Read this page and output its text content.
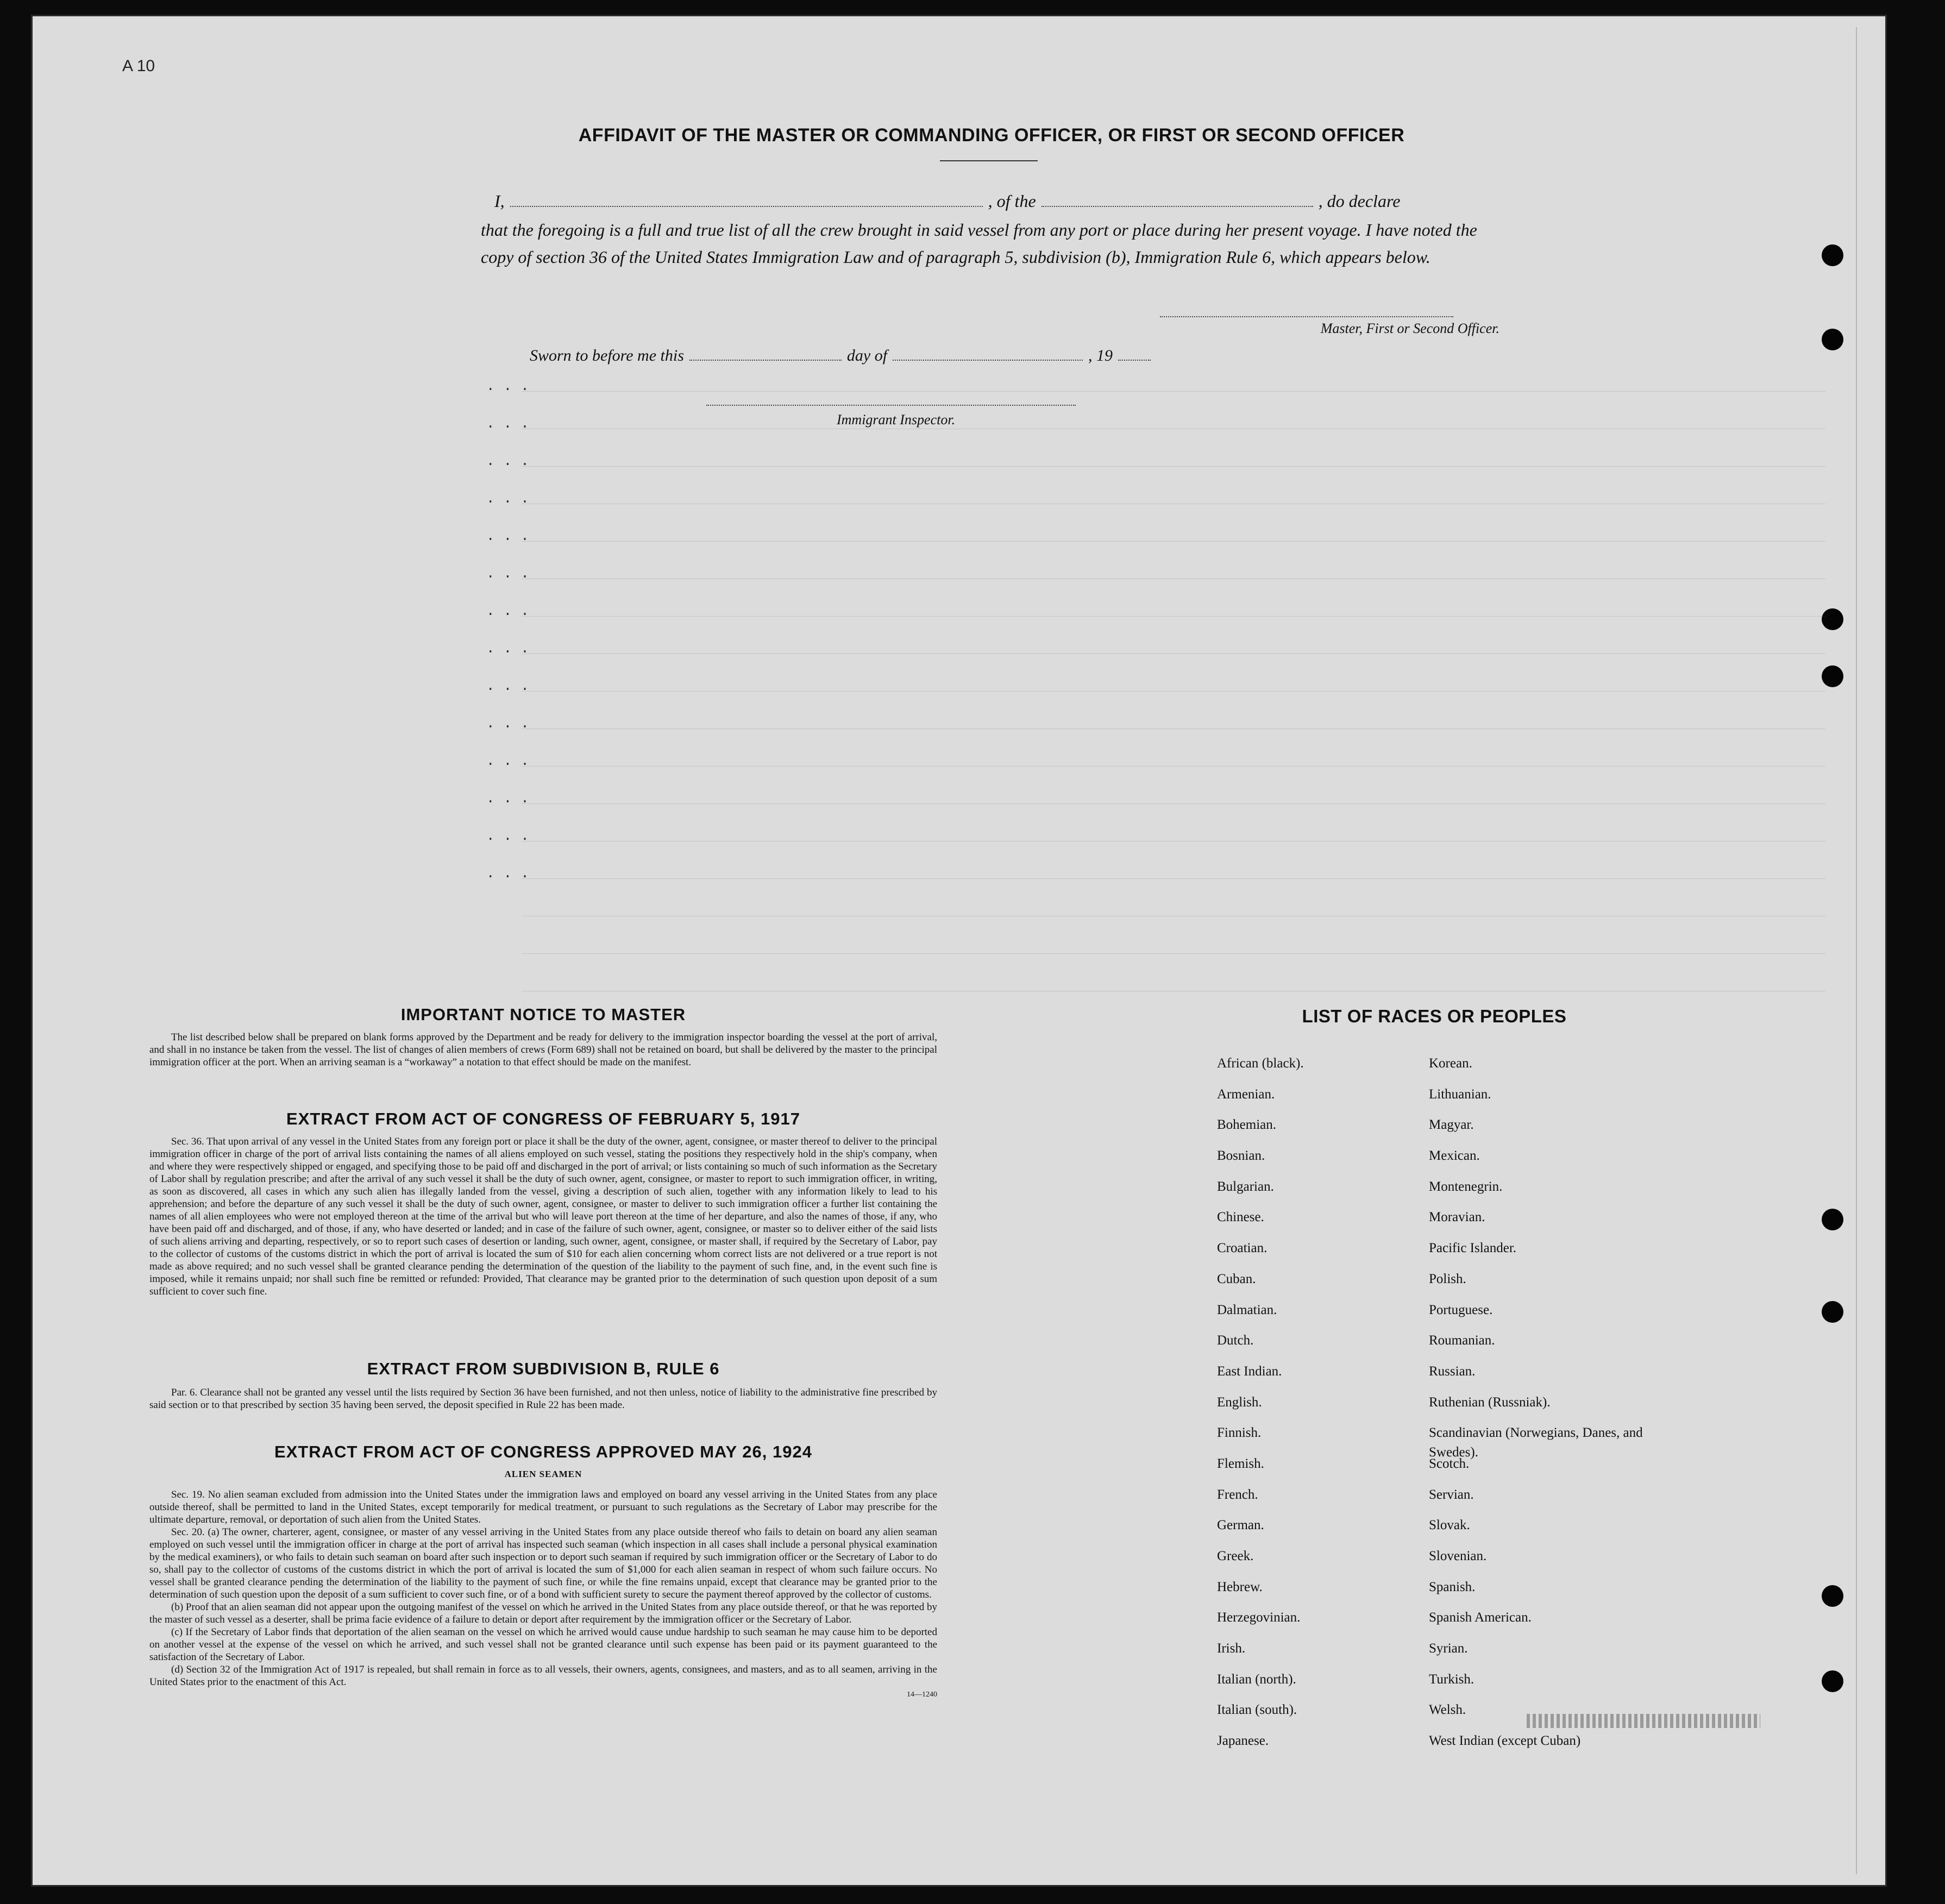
A 10
...
...
...
...
...
...
...
...
...
...
...
...
...
...
AFFIDAVIT OF THE MASTER OR COMMANDING OFFICER, OR FIRST OR SECOND OFFICER
I,	, of the	, do declare
that the foregoing is a full and true list of all the crew brought in said vessel from any port or place during her present voyage. I have noted the copy of section 36 of the United States Immigration Law and of paragraph 5, subdivision (b), Immigration Rule 6, which appears below.
Master, First or Second Officer.
Sworn to before me this	day of	, 19
Immigrant Inspector.
IMPORTANT NOTICE TO MASTER

The list described below shall be prepared on blank forms approved by the Department and be ready for delivery to the immigration inspector boarding the vessel at the port of arrival, and shall in no instance be taken from the vessel. The list of changes of alien members of crews (Form 689) shall not be retained on board, but shall be delivered by the master to the principal immigration officer at the port. When an arriving seaman is a “workaway” a notation to that effect should be made on the manifest.

EXTRACT FROM ACT OF CONGRESS OF FEBRUARY 5, 1917

Sec. 36. That upon arrival of any vessel in the United States from any foreign port or place it shall be the duty of the owner, agent, consignee, or master thereof to deliver to the principal immigration officer in charge of the port of arrival lists containing the names of all aliens employed on such vessel, stating the positions they respectively hold in the ship's company, when and where they were respectively shipped or engaged, and specifying those to be paid off and discharged in the port of arrival; or lists containing so much of such information as the Secretary of Labor shall by regulation prescribe; and after the arrival of any such vessel it shall be the duty of such owner, agent, consignee, or master to report to such immigration officer, in writing, as soon as discovered, all cases in which any such alien has illegally landed from the vessel, giving a description of such alien, together with any information likely to lead to his apprehension; and before the departure of any such vessel it shall be the duty of such owner, agent, consignee, or master to deliver to such immigration officer a further list containing the names of all alien employees who were not employed thereon at the time of the arrival but who will leave port thereon at the time of her departure, and also the names of those, if any, who have been paid off and discharged, and of those, if any, who have deserted or landed; and in case of the failure of such owner, agent, consignee, or master so to deliver either of the said lists of such aliens arriving and departing, respectively, or so to report such cases of desertion or landing, such owner, agent, consignee, or master shall, if required by the Secretary of Labor, pay to the collector of customs of the customs district in which the port of arrival is located the sum of $10 for each alien concerning whom correct lists are not delivered or a true report is not made as above required; and no such vessel shall be granted clearance pending the determination of the question of the liability to the payment of such fine, and, in the event such fine is imposed, while it remains unpaid; nor shall such fine be remitted or refunded: Provided, That clearance may be granted prior to the determination of such question upon deposit of a sum sufficient to cover such fine.

EXTRACT FROM SUBDIVISION B, RULE 6

Par. 6. Clearance shall not be granted any vessel until the lists required by Section 36 have been furnished, and not then unless, notice of liability to the administrative fine prescribed by said section or to that prescribed by section 35 having been served, the deposit specified in Rule 22 has been made.

EXTRACT FROM ACT OF CONGRESS APPROVED MAY 26, 1924
ALIEN SEAMEN

Sec. 19. No alien seaman excluded from admission into the United States under the immigration laws and employed on board any vessel arriving in the United States from any place outside thereof, shall be permitted to land in the United States, except temporarily for medical treatment, or pursuant to such regulations as the Secretary of Labor may prescribe for the ultimate departure, removal, or deportation of such alien from the United States.

Sec. 20. (a) The owner, charterer, agent, consignee, or master of any vessel arriving in the United States from any place outside thereof who fails to detain on board any alien seaman employed on such vessel until the immigration officer in charge at the port of arrival has inspected such seaman (which inspection in all cases shall include a personal physical examination by the medical examiners), or who fails to detain such seaman on board after such inspection or to deport such seaman if required by such immigration officer or the Secretary of Labor to do so, shall pay to the collector of customs of the customs district in which the port of arrival is located the sum of $1,000 for each alien seaman in respect of whom such failure occurs. No vessel shall be granted clearance pending the determination of the liability to the payment of such fine, or while the fine remains unpaid, except that clearance may be granted prior to the determination of such question upon the deposit of a sum sufficient to cover such fine, or of a bond with sufficient surety to secure the payment thereof approved by the collector of customs.

(b) Proof that an alien seaman did not appear upon the outgoing manifest of the vessel on which he arrived in the United States from any place outside thereof, or that he was reported by the master of such vessel as a deserter, shall be prima facie evidence of a failure to detain or deport after requirement by the immigration officer or the Secretary of Labor.

(c) If the Secretary of Labor finds that deportation of the alien seaman on the vessel on which he arrived would cause undue hardship to such seaman he may cause him to be deported on another vessel at the expense of the vessel on which he arrived, and such vessel shall not be granted clearance until such expense has been paid or its payment guaranteed to the satisfaction of the Secretary of Labor.

(d) Section 32 of the Immigration Act of 1917 is repealed, but shall remain in force as to all vessels, their owners, agents, consignees, and masters, and as to all seamen, arriving in the United States prior to the enactment of this Act.

14—1240
LIST OF RACES OR PEOPLES
African (black).
Armenian.
Bohemian.
Bosnian.
Bulgarian.
Chinese.
Croatian.
Cuban.
Dalmatian.
Dutch.
East Indian.
English.
Finnish.
Flemish.
French.
German.
Greek.
Hebrew.
Herzegovinian.
Irish.
Italian (north).
Italian (south).
Japanese.
Korean.
Lithuanian.
Magyar.
Mexican.
Montenegrin.
Moravian.
Pacific Islander.
Polish.
Portuguese.
Roumanian.
Russian.
Ruthenian (Russniak).
Scandinavian (Norwegians, Danes, and Swedes).
Scotch.
Servian.
Slovak.
Slovenian.
Spanish.
Spanish American.
Syrian.
Turkish.
Welsh.
West Indian (except Cuban)
